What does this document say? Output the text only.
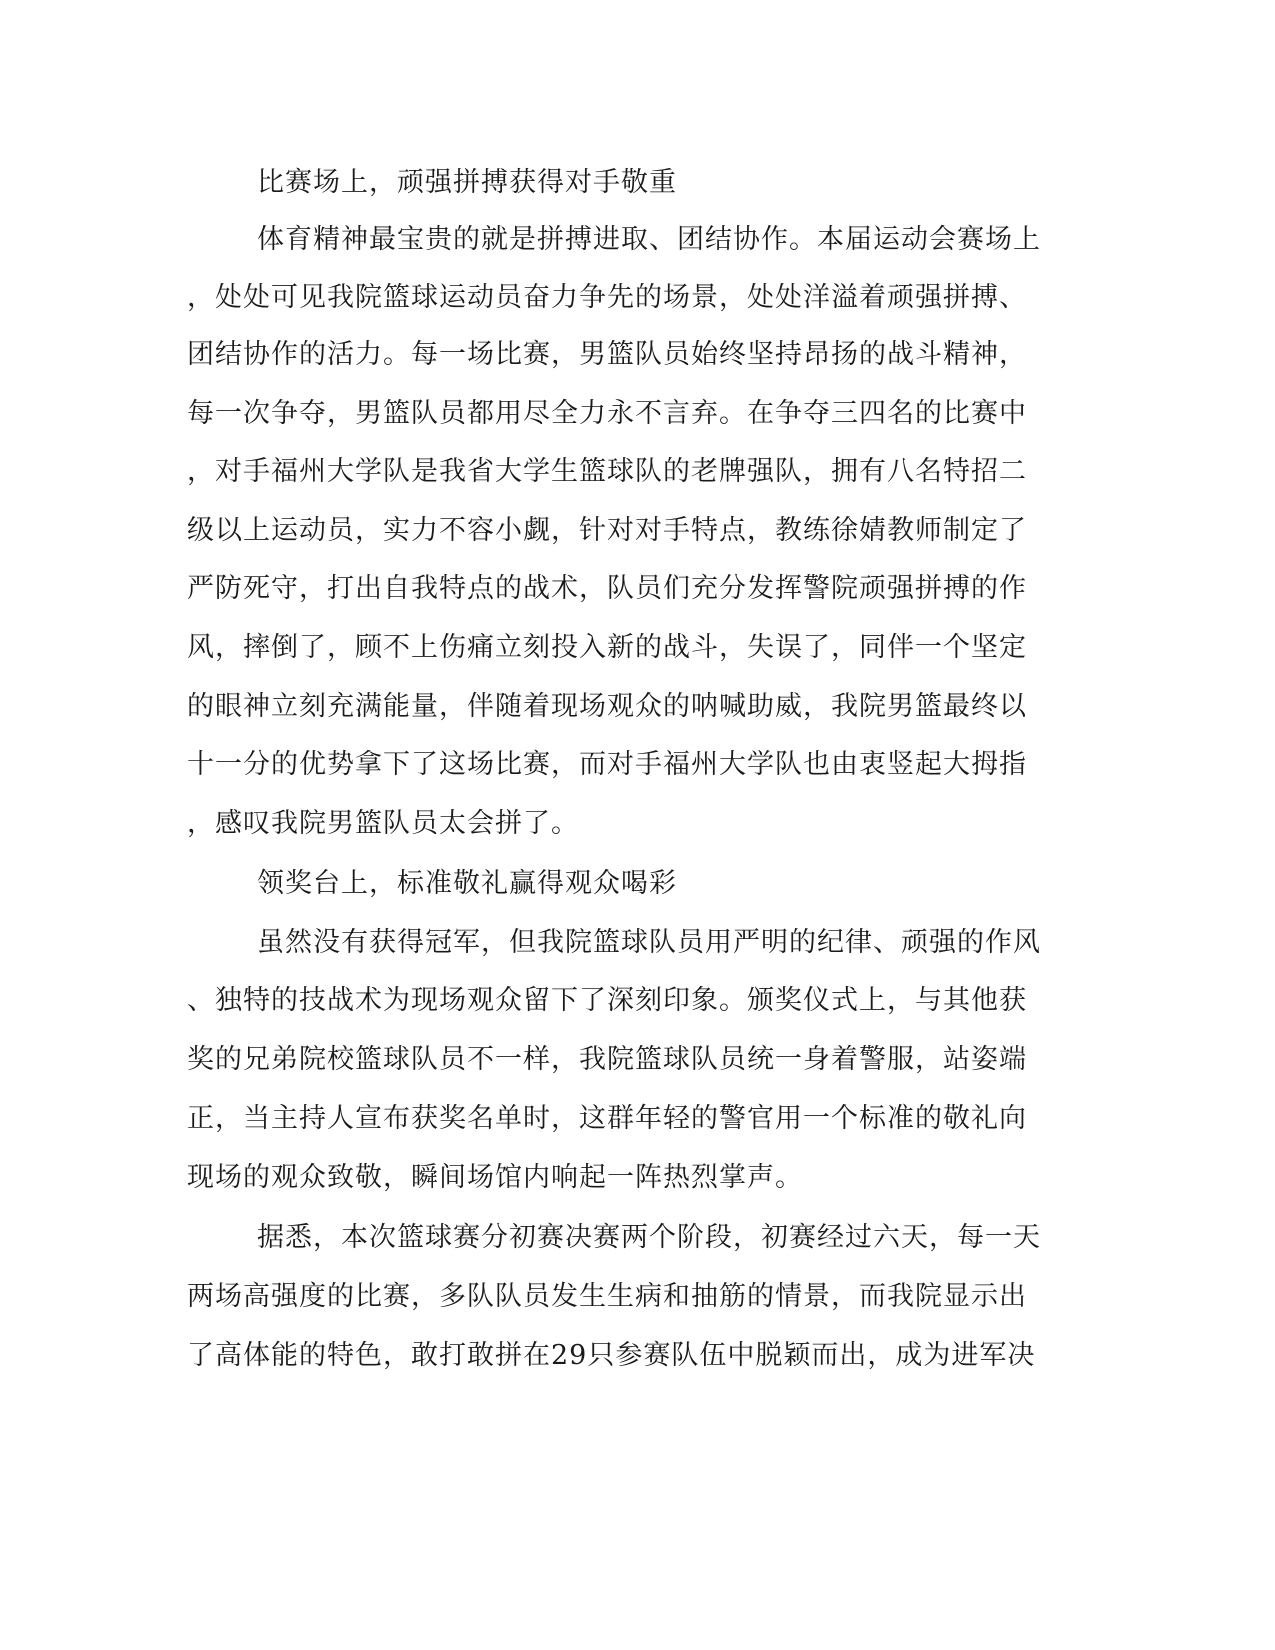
比赛场上，顽强拼搏获得对手敬重

体育精神最宝贵的就是拼搏进取、团结协作。本届运动会赛场上

，处处可见我院篮球运动员奋力争先的场景，处处洋溢着顽强拼搏、

团结协作的活力。每一场比赛，男篮队员始终坚持昂扬的战斗精神，

每一次争夺，男篮队员都用尽全力永不言弃。在争夺三四名的比赛中

，对手福州大学队是我省大学生篮球队的老牌强队，拥有八名特招二

级以上运动员，实力不容小觑，针对对手特点，教练徐婧教师制定了

严防死守，打出自我特点的战术，队员们充分发挥警院顽强拼搏的作

风，摔倒了，顾不上伤痛立刻投入新的战斗，失误了，同伴一个坚定

的眼神立刻充满能量，伴随着现场观众的呐喊助威，我院男篮最终以

十一分的优势拿下了这场比赛，而对手福州大学队也由衷竖起大拇指

，感叹我院男篮队员太会拼了。

领奖台上，标准敬礼赢得观众喝彩

虽然没有获得冠军，但我院篮球队员用严明的纪律、顽强的作风

、独特的技战术为现场观众留下了深刻印象。颁奖仪式上，与其他获

奖的兄弟院校篮球队员不一样，我院篮球队员统一身着警服，站姿端

正，当主持人宣布获奖名单时，这群年轻的警官用一个标准的敬礼向

现场的观众致敬，瞬间场馆内响起一阵热烈掌声。

据悉，本次篮球赛分初赛决赛两个阶段，初赛经过六天，每一天

两场高强度的比赛，多队队员发生生病和抽筋的情景，而我院显示出

了高体能的特色，敢打敢拼在29只参赛队伍中脱颖而出，成为进军决
